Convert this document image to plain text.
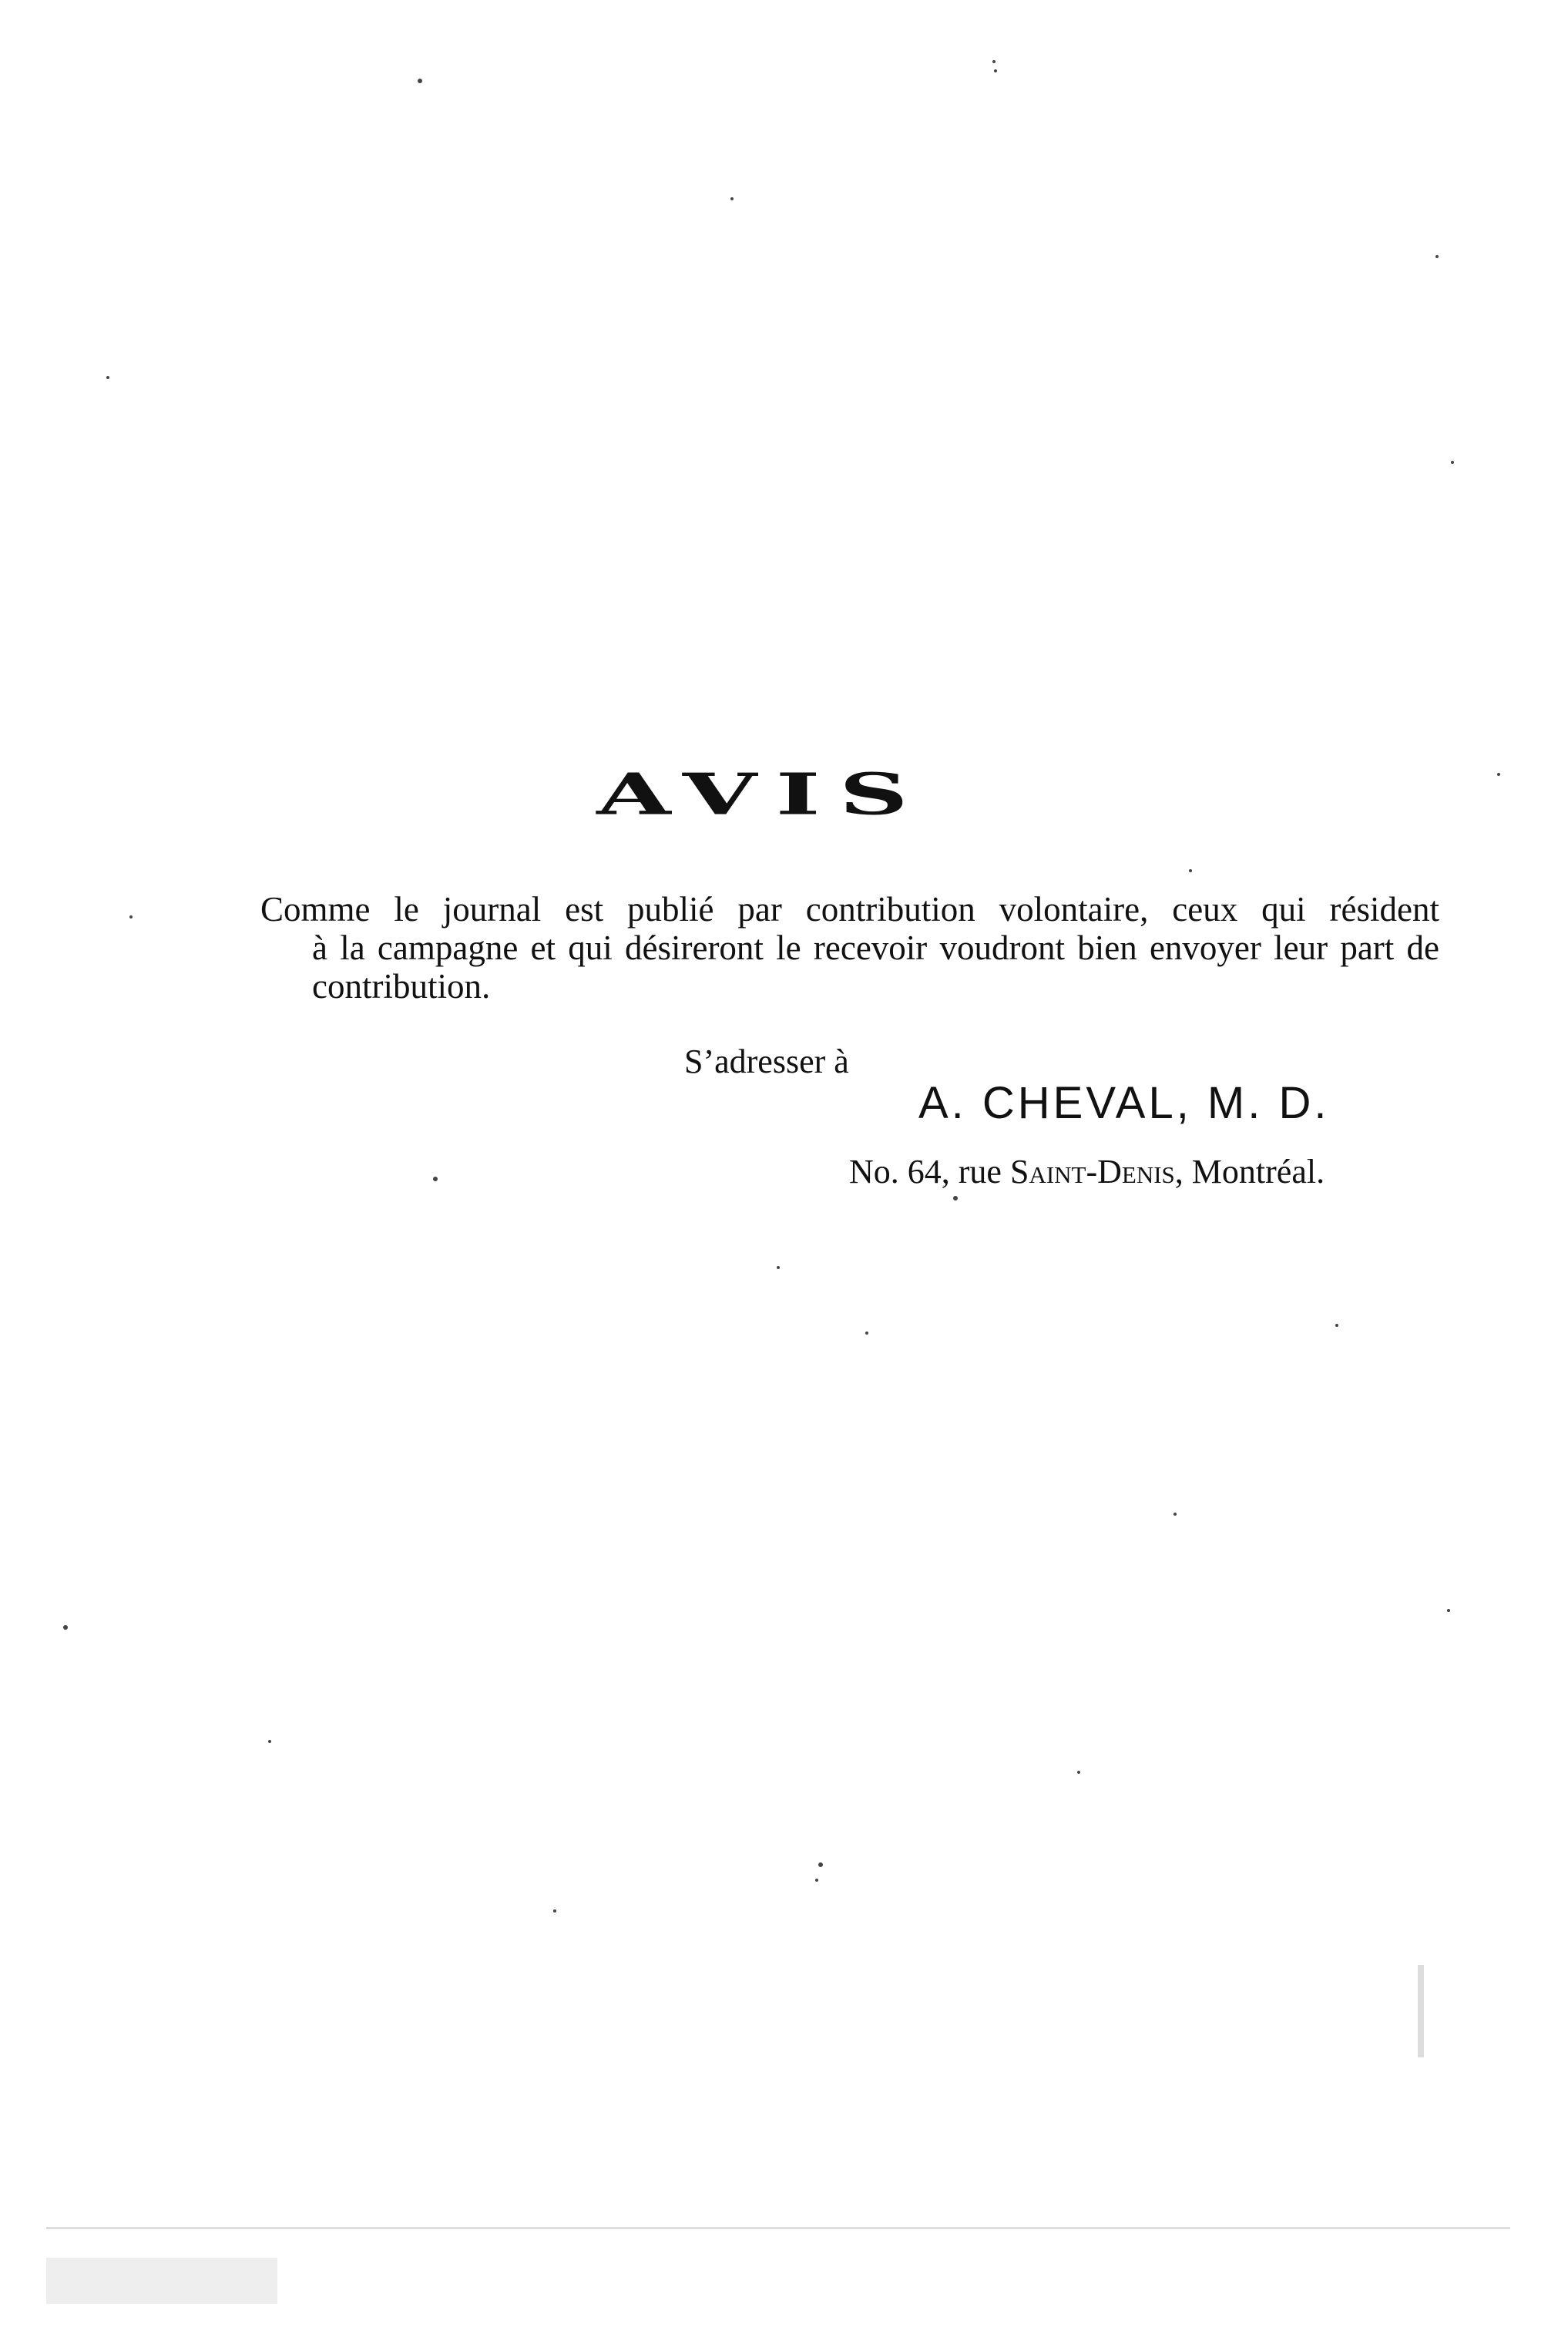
AVIS
Comme le journal est publié par contribution volontaire, ceux qui résident
à la campagne et qui désireront le recevoir voudront bien envoyer leur part de contribution.
S’adresser à
A. CHEVAL, M. D.
No. 64, rue Saint-Denis, Montréal.
